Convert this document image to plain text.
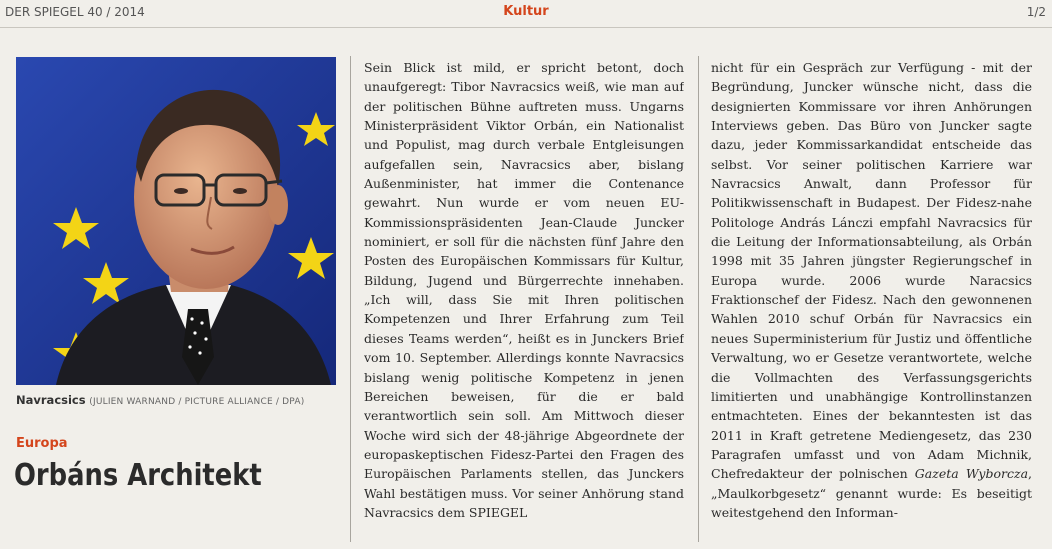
DER SPIEGEL 40 / 2014	Kultur	1/2
Navracsics (JULIEN WARNAND / PICTURE ALLIANCE / DPA)
Europa
Orbáns Architekt

Sein Blick ist mild, er spricht betont, doch unaufgeregt: Tibor Navracsics weiß, wie man auf der politischen Bühne auftreten muss. Ungarns Ministerpräsident Viktor Orbán, ein Nationalist und Populist, mag durch verbale Entgleisungen aufgefallen sein, Navracsics aber, bislang Außenminister, hat immer die Contenance gewahrt. Nun wurde er vom neuen EU-Kommissionspräsidenten Jean-Claude Juncker nominiert, er soll für die nächsten fünf Jahre den Posten des Europäischen Kommissars für Kultur, Bildung, Jugend und Bürgerrechte innehaben. „Ich will, dass Sie mit Ihren politischen Kompetenzen und Ihrer Erfahrung zum Teil dieses Teams werden“, heißt es in Junckers Brief vom 10. September. Allerdings konnte Navracsics bislang wenig politische Kompetenz in jenen Bereichen beweisen, für die er bald verantwortlich sein soll. Am Mittwoch dieser Woche wird sich der 48-jährige Abgeordnete der europaskeptischen Fidesz-Partei den Fragen des Europäischen Parlaments stellen, das Junckers Wahl bestätigen muss. Vor seiner Anhörung stand Navracsics dem SPIEGEL

nicht für ein Gespräch zur Verfügung - mit der Begründung, Juncker wünsche nicht, dass die designierten Kommissare vor ihren Anhörungen Interviews geben. Das Büro von Juncker sagte dazu, jeder Kommissarkandidat entscheide das selbst. Vor seiner politischen Karriere war Navracsics Anwalt, dann Professor für Politikwissenschaft in Budapest. Der Fidesz-nahe Politologe András Lánczi empfahl Navracsics für die Leitung der Informationsabteilung, als Orbán 1998 mit 35 Jahren jüngster Regierungschef in Europa wurde. 2006 wurde Naracsics Fraktionschef der Fidesz. Nach den gewonnenen Wahlen 2010 schuf Orbán für Navracsics ein neues Superministerium für Justiz und öffentliche Verwaltung, wo er Gesetze verantwortete, welche die Vollmachten des Verfassungsgerichts limitierten und unabhängige Kontrollinstanzen entmachteten. Eines der bekanntesten ist das 2011 in Kraft getretene Mediengesetz, das 230 Paragrafen umfasst und von Adam Michnik, Chefredakteur der polnischen Gazeta Wyborcza, „Maulkorbgesetz“ genannt wurde: Es beseitigt weitestgehend den Informan-
